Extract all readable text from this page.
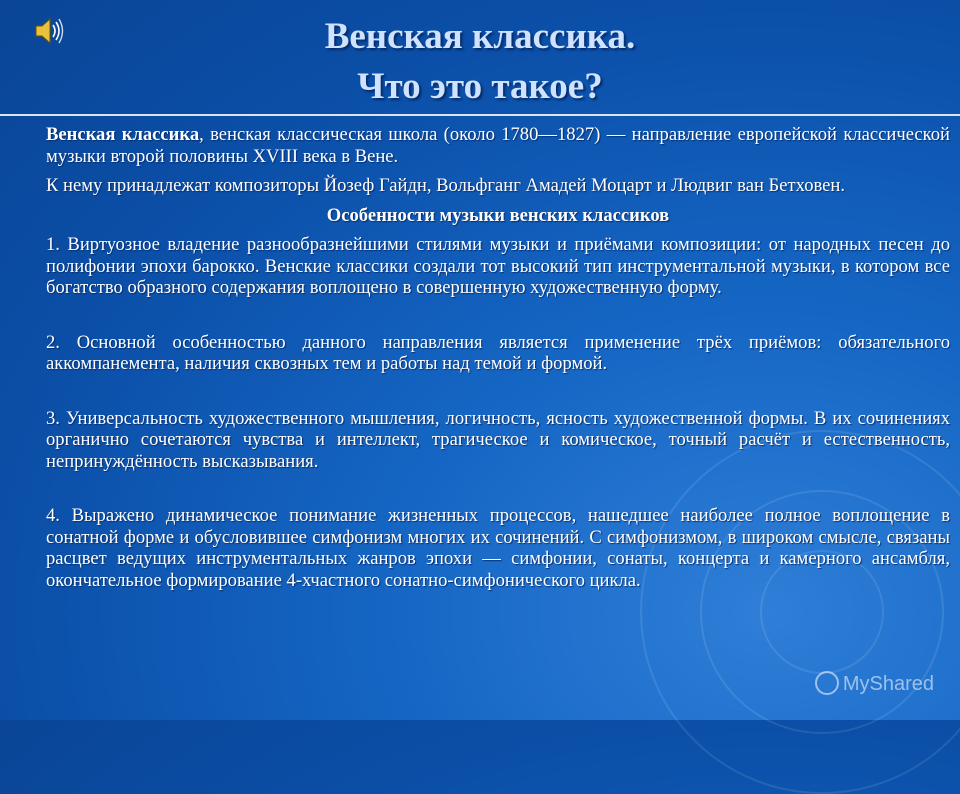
Венская классика.
Что это такое?

Венская классика, венская классическая школа (около 1780—1827) — направление европейской классической музыки второй половины XVIII века в Вене.

К нему принадлежат композиторы Йозеф Гайдн, Вольфганг Амадей Моцарт и Людвиг ван Бетховен.

Особенности музыки венских классиков

1. Виртуозное владение разнообразнейшими стилями музыки и приёмами композиции: от народных песен до полифонии эпохи барокко. Венские классики создали тот высокий тип инструментальной музыки, в котором все богатство образного содержания воплощено в совершенную художественную форму.

2. Основной особенностью данного направления является применение трёх приёмов: обязательного аккомпанемента, наличия сквозных тем и работы над темой и формой.

3. Универсальность художественного мышления, логичность, ясность художественной формы. В их сочинениях органично сочетаются чувства и интеллект, трагическое и комическое, точный расчёт и естественность, непринуждённость высказывания.

4. Выражено динамическое понимание жизненных процессов, нашедшее наиболее полное воплощение в сонатной форме и обусловившее симфонизм многих их сочинений. С симфонизмом, в широком смысле, связаны расцвет ведущих инструментальных жанров эпохи — симфонии, сонаты, концерта и камерного ансамбля, окончательное формирование 4-хчастного сонатно-симфонического цикла.

MyShared
